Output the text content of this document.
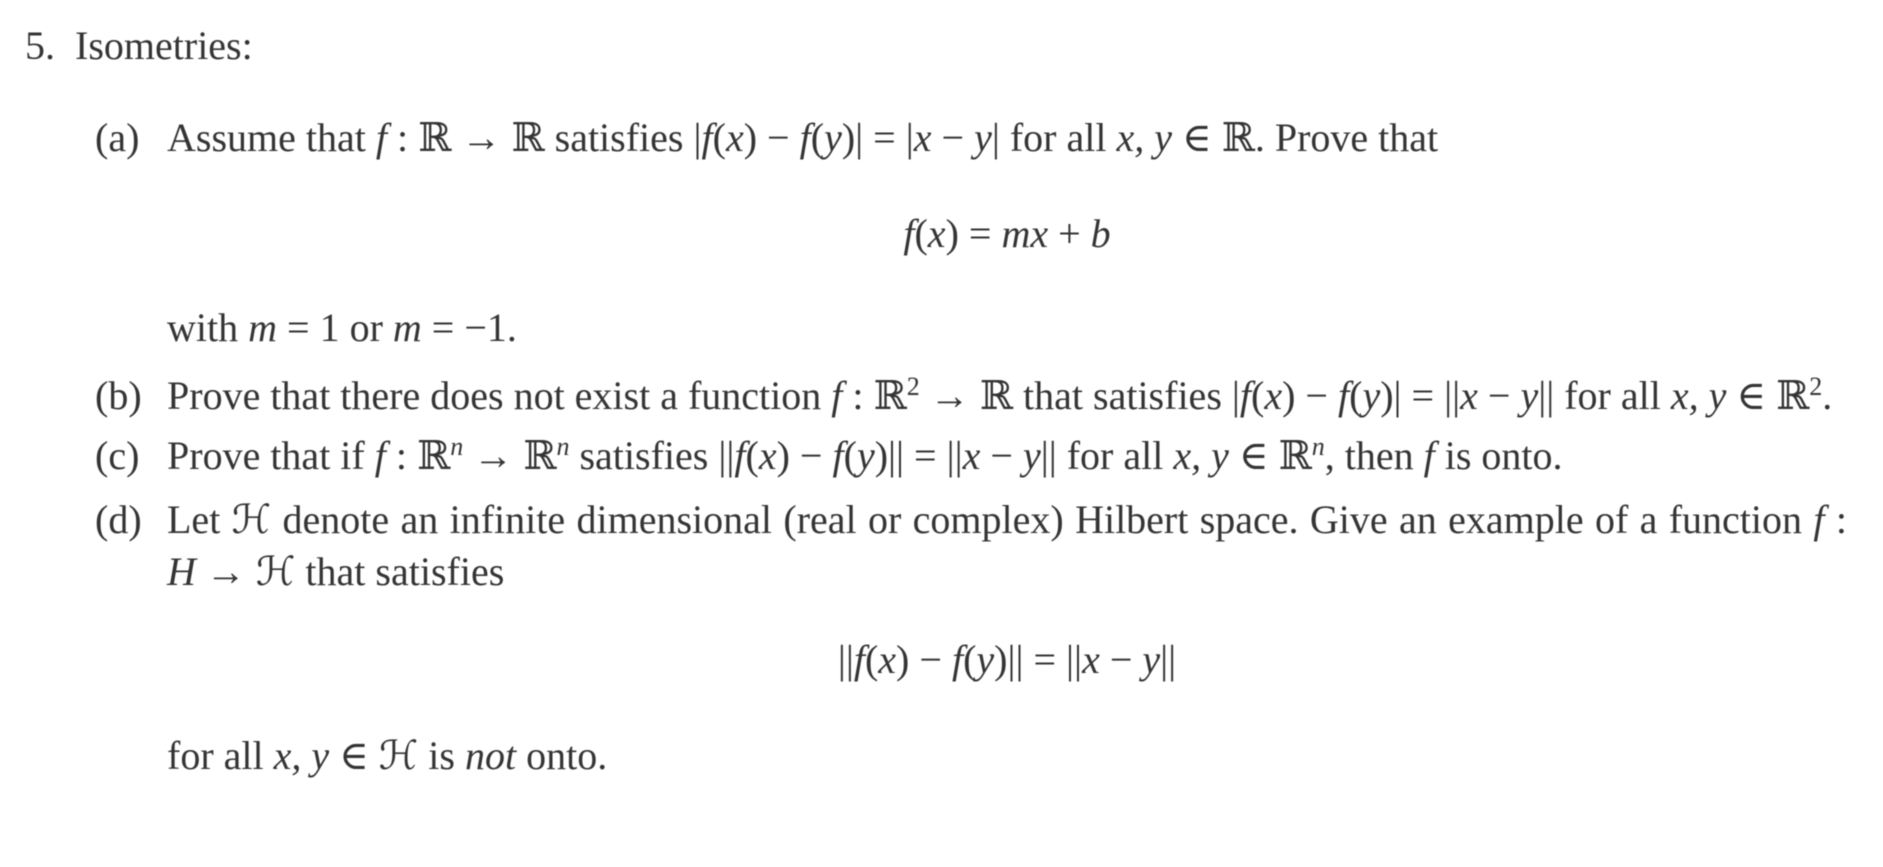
5. Isometries:
(a) Assume that f : ℝ → ℝ satisfies |f(x) − f(y)| = |x − y| for all x, y ∈ ℝ. Prove that

f(x) = mx + b

with m = 1 or m = −1.

(b) Prove that there does not exist a function f : ℝ$^2$ → ℝ that satisfies |f(x) − f(y)| = ||x − y|| for all x, y ∈ ℝ$^2$.

(c) Prove that if f : ℝ$^n$ → ℝ$^n$ satisfies ||f(x) − f(y)|| = ||x − y|| for all x, y ∈ ℝ$^n$, then f is onto.

(d) Let ℋ denote an infinite dimensional (real or complex) Hilbert space. Give an example of a function f : H → ℋ that satisfies

||f(x) − f(y)|| = ||x − y||

for all x, y ∈ ℋ is not onto.
